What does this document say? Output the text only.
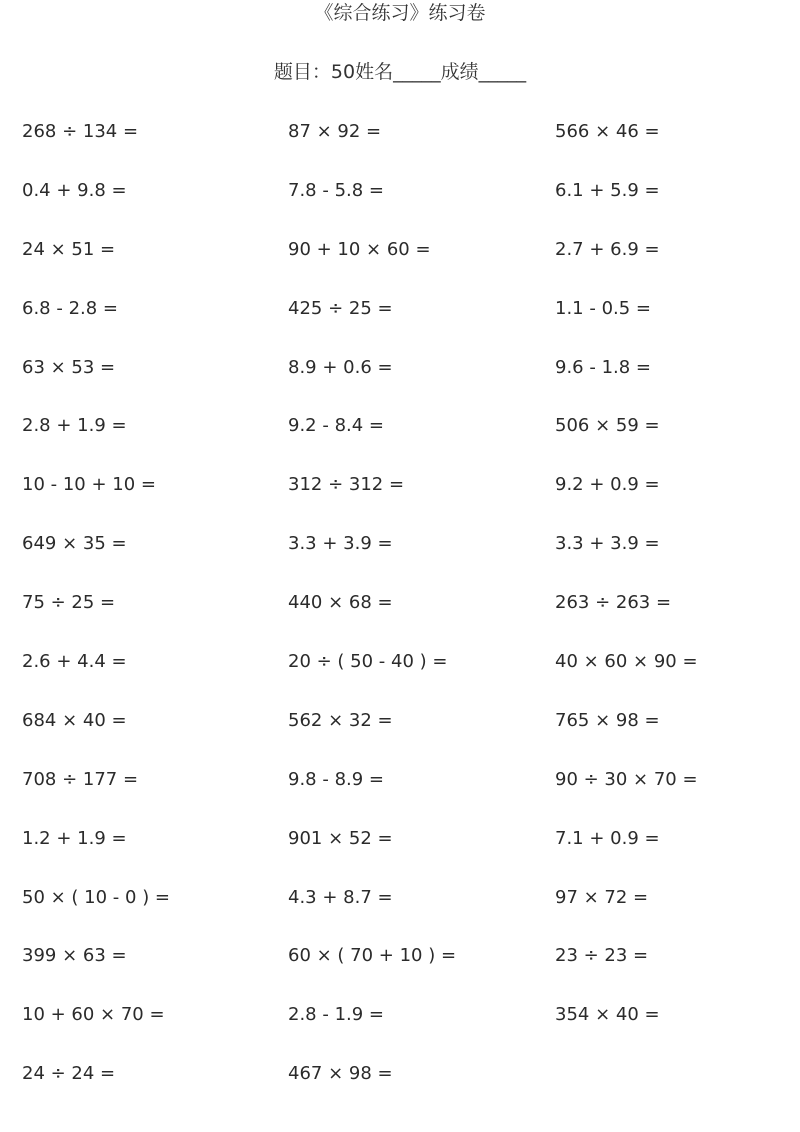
《综合练习》练习卷
题目：50姓名_____成绩_____
268 ÷ 134 =	87 × 92 =	566 × 46 =
0.4 + 9.8 =	7.8 - 5.8 =	6.1 + 5.9 =
24 × 51 =	90 + 10 × 60 =	2.7 + 6.9 =
6.8 - 2.8 =	425 ÷ 25 =	1.1 - 0.5 =
63 × 53 =	8.9 + 0.6 =	9.6 - 1.8 =
2.8 + 1.9 =	9.2 - 8.4 =	506 × 59 =
10 - 10 + 10 =	312 ÷ 312 =	9.2 + 0.9 =
649 × 35 =	3.3 + 3.9 =	3.3 + 3.9 =
75 ÷ 25 =	440 × 68 =	263 ÷ 263 =
2.6 + 4.4 =	20 ÷ ( 50 - 40 ) =	40 × 60 × 90 =
684 × 40 =	562 × 32 =	765 × 98 =
708 ÷ 177 =	9.8 - 8.9 =	90 ÷ 30 × 70 =
1.2 + 1.9 =	901 × 52 =	7.1 + 0.9 =
50 × ( 10 - 0 ) =	4.3 + 8.7 =	97 × 72 =
399 × 63 =	60 × ( 70 + 10 ) =	23 ÷ 23 =
10 + 60 × 70 =	2.8 - 1.9 =	354 × 40 =
24 ÷ 24 =	467 × 98 =
